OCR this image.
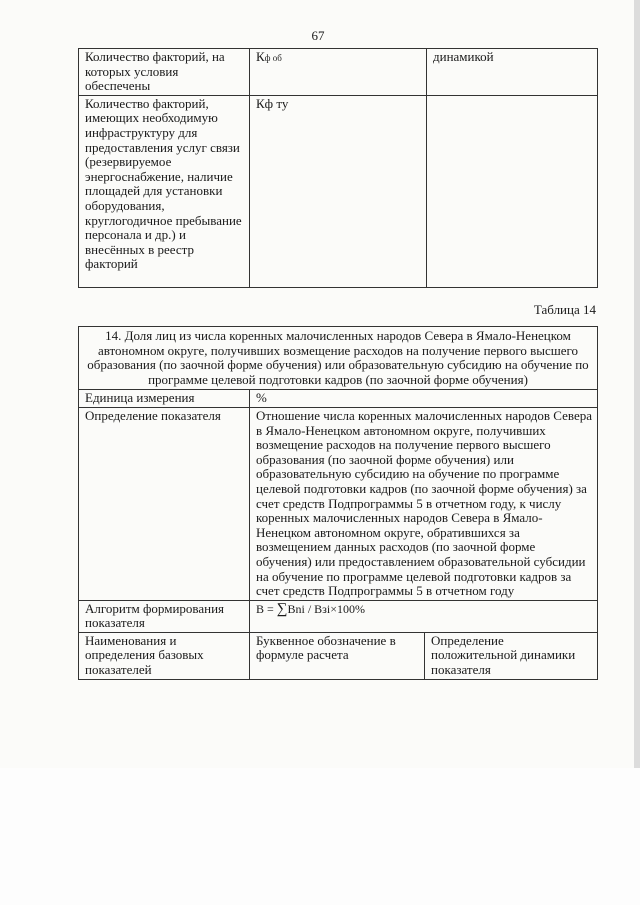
67
Количество факторий, на которых условия обеспечены	Кф об	динамикой
Количество факторий, имеющих необходимую инфраструктуру для предоставления услуг связи (резервируемое энергоснабжение, наличие площадей для установки оборудования, круглогодичное пребывание персонала и др.) и внесённых в реестр факторий	Кф ту	
Таблица 14
14. Доля лиц из числа коренных малочисленных народов Севера в Ямало-Ненецком автономном округе, получивших возмещение расходов на получение первого высшего образования (по заочной форме обучения) или образовательную субсидию на обучение по программе целевой подготовки кадров (по заочной форме обучения)		
Единица измерения	%	
Определение показателя	Отношение числа коренных малочисленных народов Севера в Ямало-Ненецком автономном округе, получивших возмещение расходов на получение первого высшего образования (по заочной форме обучения) или образовательную субсидию на обучение по программе целевой подготовки кадров (по заочной форме обучения) за счет средств Подпрограммы 5 в отчетном году, к числу коренных малочисленных народов Севера в Ямало-Ненецком автономном округе, обратившихся за возмещением данных расходов (по заочной форме обучения) или предоставлением образовательной субсидии на обучение по программе целевой подготовки кадров за счет средств Подпрограммы 5 в отчетном году	
Алгоритм формирования показателя	В = ∑Вni / Взi×100%	
Наименования и определения базовых показателей	Буквенное обозначение в формуле расчета	Определение положительной динамики показателя
